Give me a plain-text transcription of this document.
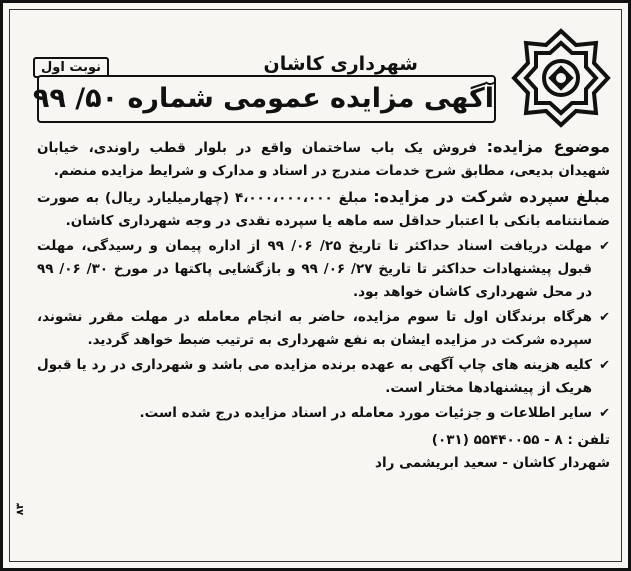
نوبت اول
آگهی مزایده عمومی شماره ۵۰/ ۹۹
شهرداری کاشان

موضوع مزایده: فروش یک باب ساختمان واقع در بلوار قطب راوندی، خیابان شهیدان بدیعی، مطابق شرح خدمات مندرج در اسناد و مدارک و شرایط مزایده منضم.

مبلغ سپرده شرکت در مزایده: مبلغ ۴،۰۰۰،۰۰۰،۰۰۰ (چهارمیلیارد ریال) به صورت ضمانتنامه بانکی با اعتبار حداقل سه ماهه یا سپرده نقدی در وجه شهرداری کاشان.

✔ مهلت دریافت اسناد حداکثر تا تاریخ ۲۵/ ۰۶/ ۹۹ از اداره پیمان و رسیدگی، مهلت قبول پیشنهادات حداکثر تا تاریخ ۲۷/ ۰۶/ ۹۹ و بازگشایی پاکتها در مورخ ۳۰/ ۰۶/ ۹۹ در محل شهرداری کاشان خواهد بود.
✔ هرگاه برندگان اول تا سوم مزایده، حاضر به انجام معامله در مهلت مقرر نشوند، سپرده شرکت در مزایده ایشان به نفع شهرداری به ترتیب ضبط خواهد گردید.
✔ کلیه هزینه های چاپ آگهی به عهده برنده مزایده می باشد و شهرداری در رد یا قبول هریک از پیشنهادها مختار است.
✔ سایر اطلاعات و جزئیات مورد معامله در اسناد مزایده درج شده است.
تلفن : ۸ - ۵۵۴۴۰۰۵۵ (۰۳۱)
شهردار کاشان - سعید ابریشمی راد
۸۳
